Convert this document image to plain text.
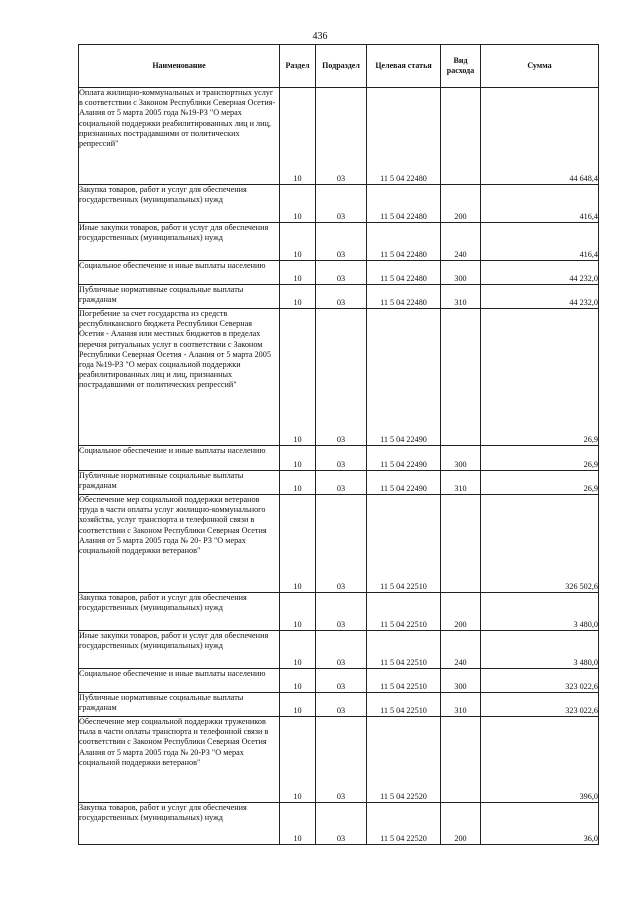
436
Наименование	Раздел	Подраздел	Целевая статья	Вид расхода	Сумма
Оплата жилищно-коммунальных и транспортных услуг в соответствии с Законом Республики Северная Осетия-Алания от 5 марта 2005 года №19-РЗ "О мерах социальной поддержки реабилитированных лиц и лиц, признанных пострадавшими от политических репрессий"	10	03	11 5 04 22480		44 648,4
Закупка товаров, работ и услуг для обеспечения государственных (муниципальных) нужд	10	03	11 5 04 22480	200	416,4
Иные закупки товаров, работ и услуг для обеспечения государственных (муниципальных) нужд	10	03	11 5 04 22480	240	416,4
Социальное обеспечение и иные выплаты населению	10	03	11 5 04 22480	300	44 232,0
Публичные нормативные социальные выплаты гражданам	10	03	11 5 04 22480	310	44 232,0
Погребение за счет государства из средств республиканского бюджета Республики Северная Осетия - Алания или местных бюджетов в пределах перечня ритуальных услуг в соответствии с Законом Республики Северная Осетия - Алания от 5 марта 2005 года №19-РЗ "О мерах социальной поддержки реабилитированных лиц и лиц, признанных пострадавшими от политических репрессий"	10	03	11 5 04 22490		26,9
Социальное обеспечение и иные выплаты населению	10	03	11 5 04 22490	300	26,9
Публичные нормативные социальные выплаты гражданам	10	03	11 5 04 22490	310	26,9
Обеспечение мер социальной поддержки ветеранов труда в части оплаты услуг жилищно-коммунального хозяйства, услуг транспорта и телефонной связи в соответствии с Законом Республики Северная Осетия Алания от 5 марта 2005 года № 20- РЗ "О мерах социальной поддержки ветеранов"	10	03	11 5 04 22510		326 502,6
Закупка товаров, работ и услуг для обеспечения государственных (муниципальных) нужд	10	03	11 5 04 22510	200	3 480,0
Иные закупки товаров, работ и услуг для обеспечения государственных (муниципальных) нужд	10	03	11 5 04 22510	240	3 480,0
Социальное обеспечение и иные выплаты населению	10	03	11 5 04 22510	300	323 022,6
Публичные нормативные социальные выплаты гражданам	10	03	11 5 04 22510	310	323 022,6
Обеспечение мер социальной поддержки тружеников тыла в части оплаты транспорта и телефонной связи в соответствии с Законом Республики Северная Осетия Алания от 5 марта 2005 года № 20-РЗ "О мерах социальной поддержки ветеранов"	10	03	11 5 04 22520		396,0
Закупка товаров, работ и услуг для обеспечения государственных (муниципальных) нужд	10	03	11 5 04 22520	200	36,0
